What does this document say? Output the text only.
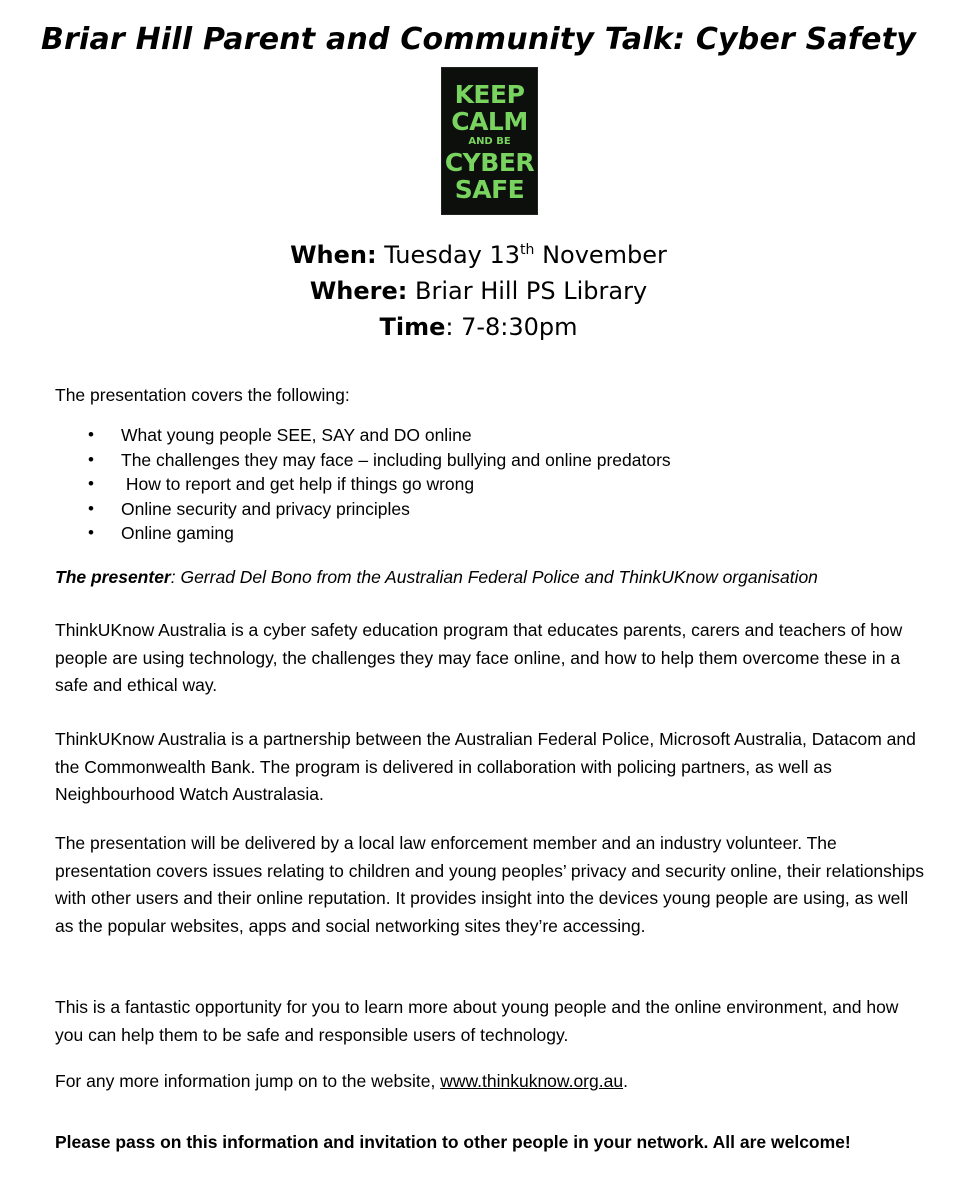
Briar Hill Parent and Community Talk: Cyber Safety
KEEP
CALM
AND BE
CYBER
SAFE
When: Tuesday 13th November
Where: Briar Hill PS Library
Time: 7-8:30pm
The presentation covers the following:
• What young people SEE, SAY and DO online
• The challenges they may face – including bullying and online predators
•  How to report and get help if things go wrong
• Online security and privacy principles
• Online gaming
The presenter: Gerrad Del Bono from the Australian Federal Police and ThinkUKnow organisation
ThinkUKnow Australia is a cyber safety education program that educates parents, carers and teachers of how people are using technology, the challenges they may face online, and how to help them overcome these in a safe and ethical way.
ThinkUKnow Australia is a partnership between the Australian Federal Police, Microsoft Australia, Datacom and the Commonwealth Bank. The program is delivered in collaboration with policing partners, as well as Neighbourhood Watch Australasia.
The presentation will be delivered by a local law enforcement member and an industry volunteer. The presentation covers issues relating to children and young peoples’ privacy and security online, their relationships with other users and their online reputation. It provides insight into the devices young people are using, as well as the popular websites, apps and social networking sites they’re accessing.
This is a fantastic opportunity for you to learn more about young people and the online environment, and how you can help them to be safe and responsible users of technology.
For any more information jump on to the website, www.thinkuknow.org.au.
Please pass on this information and invitation to other people in your network. All are welcome!
